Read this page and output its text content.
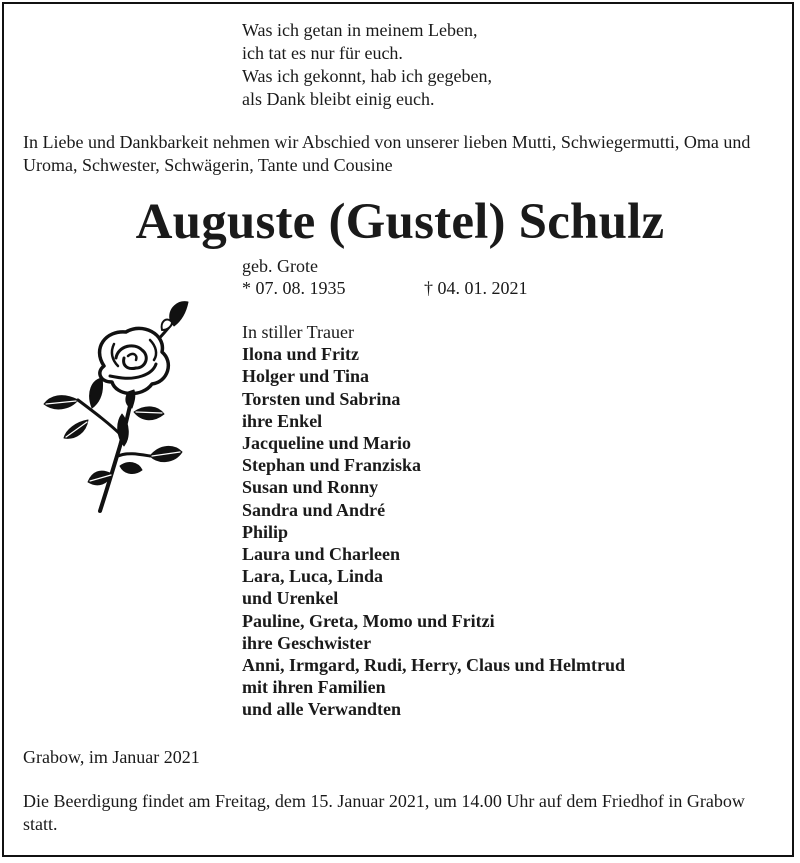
Was ich getan in meinem Leben,
ich tat es nur für euch.
Was ich gekonnt, hab ich gegeben,
als Dank bleibt einig euch.
In Liebe und Dankbarkeit nehmen wir Abschied von unserer lieben Mutti, Schwiegermutti, Oma und Uroma, Schwester, Schwägerin, Tante und Cousine
Auguste (Gustel) Schulz
geb. Grote
* 07. 08. 1935	† 04. 01. 2021
In stiller Trauer
Ilona und Fritz
Holger und Tina
Torsten und Sabrina
ihre Enkel
Jacqueline und Mario
Stephan und Franziska
Susan und Ronny
Sandra und André
Philip
Laura und Charleen
Lara, Luca, Linda
und Urenkel
Pauline, Greta, Momo und Fritzi
ihre Geschwister
Anni, Irmgard, Rudi, Herry, Claus und Helmtrud
mit ihren Familien
und alle Verwandten
Grabow, im Januar 2021
Die Beerdigung findet am Freitag, dem 15. Januar 2021, um 14.00 Uhr auf dem Friedhof in Grabow statt.
